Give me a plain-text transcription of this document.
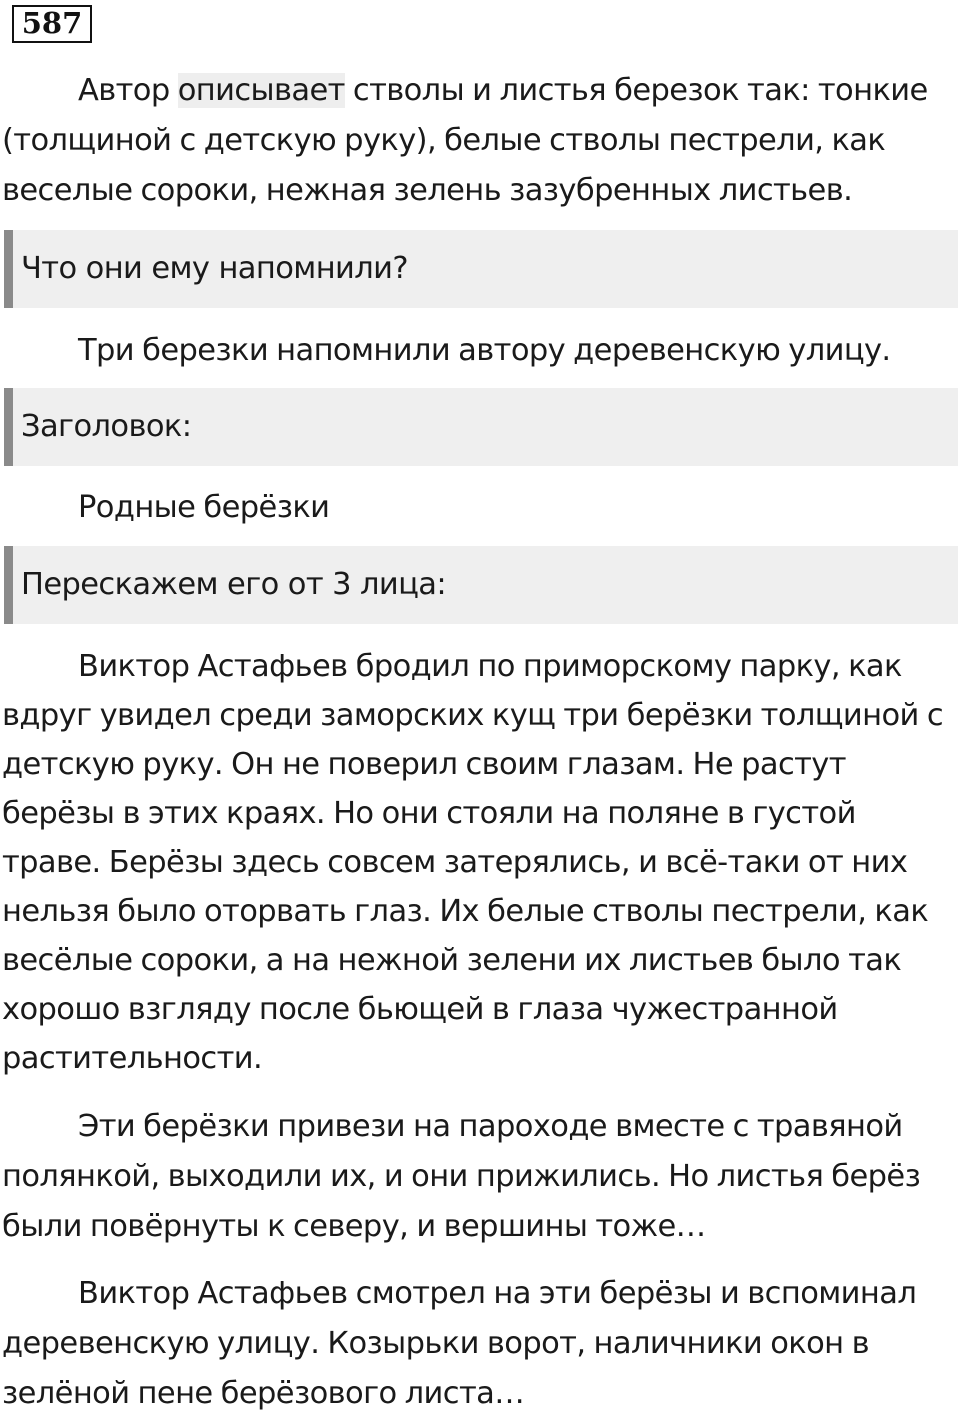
587

Автор описывает стволы и листья березок так: тонкие (толщиной с детскую руку), белые стволы пестрели, как веселые сороки, нежная зелень зазубренных листьев.

Что они ему напомнили?

Три березки напомнили автору деревенскую улицу.

Заголовок:

Родные берёзки

Перескажем его от 3 лица:

Виктор Астафьев бродил по приморскому парку, как вдруг увидел среди заморских кущ три берёзки толщиной с детскую руку. Он не поверил своим глазам. Не растут берёзы в этих краях. Но они стояли на поляне в густой траве. Берёзы здесь совсем затерялись, и всё-таки от них нельзя было оторвать глаз. Их белые стволы пестрели, как весёлые сороки, а на нежной зелени их листьев было так хорошо взгляду после бьющей в глаза чужестранной растительности.

Эти берёзки привези на пароходе вместе с травяной полянкой, выходили их, и они прижились. Но листья берёз были повёрнуты к северу, и вершины тоже…

Виктор Астафьев смотрел на эти берёзы и вспоминал деревенскую улицу. Козырьки ворот, наличники окон в зелёной пене берёзового листа…
